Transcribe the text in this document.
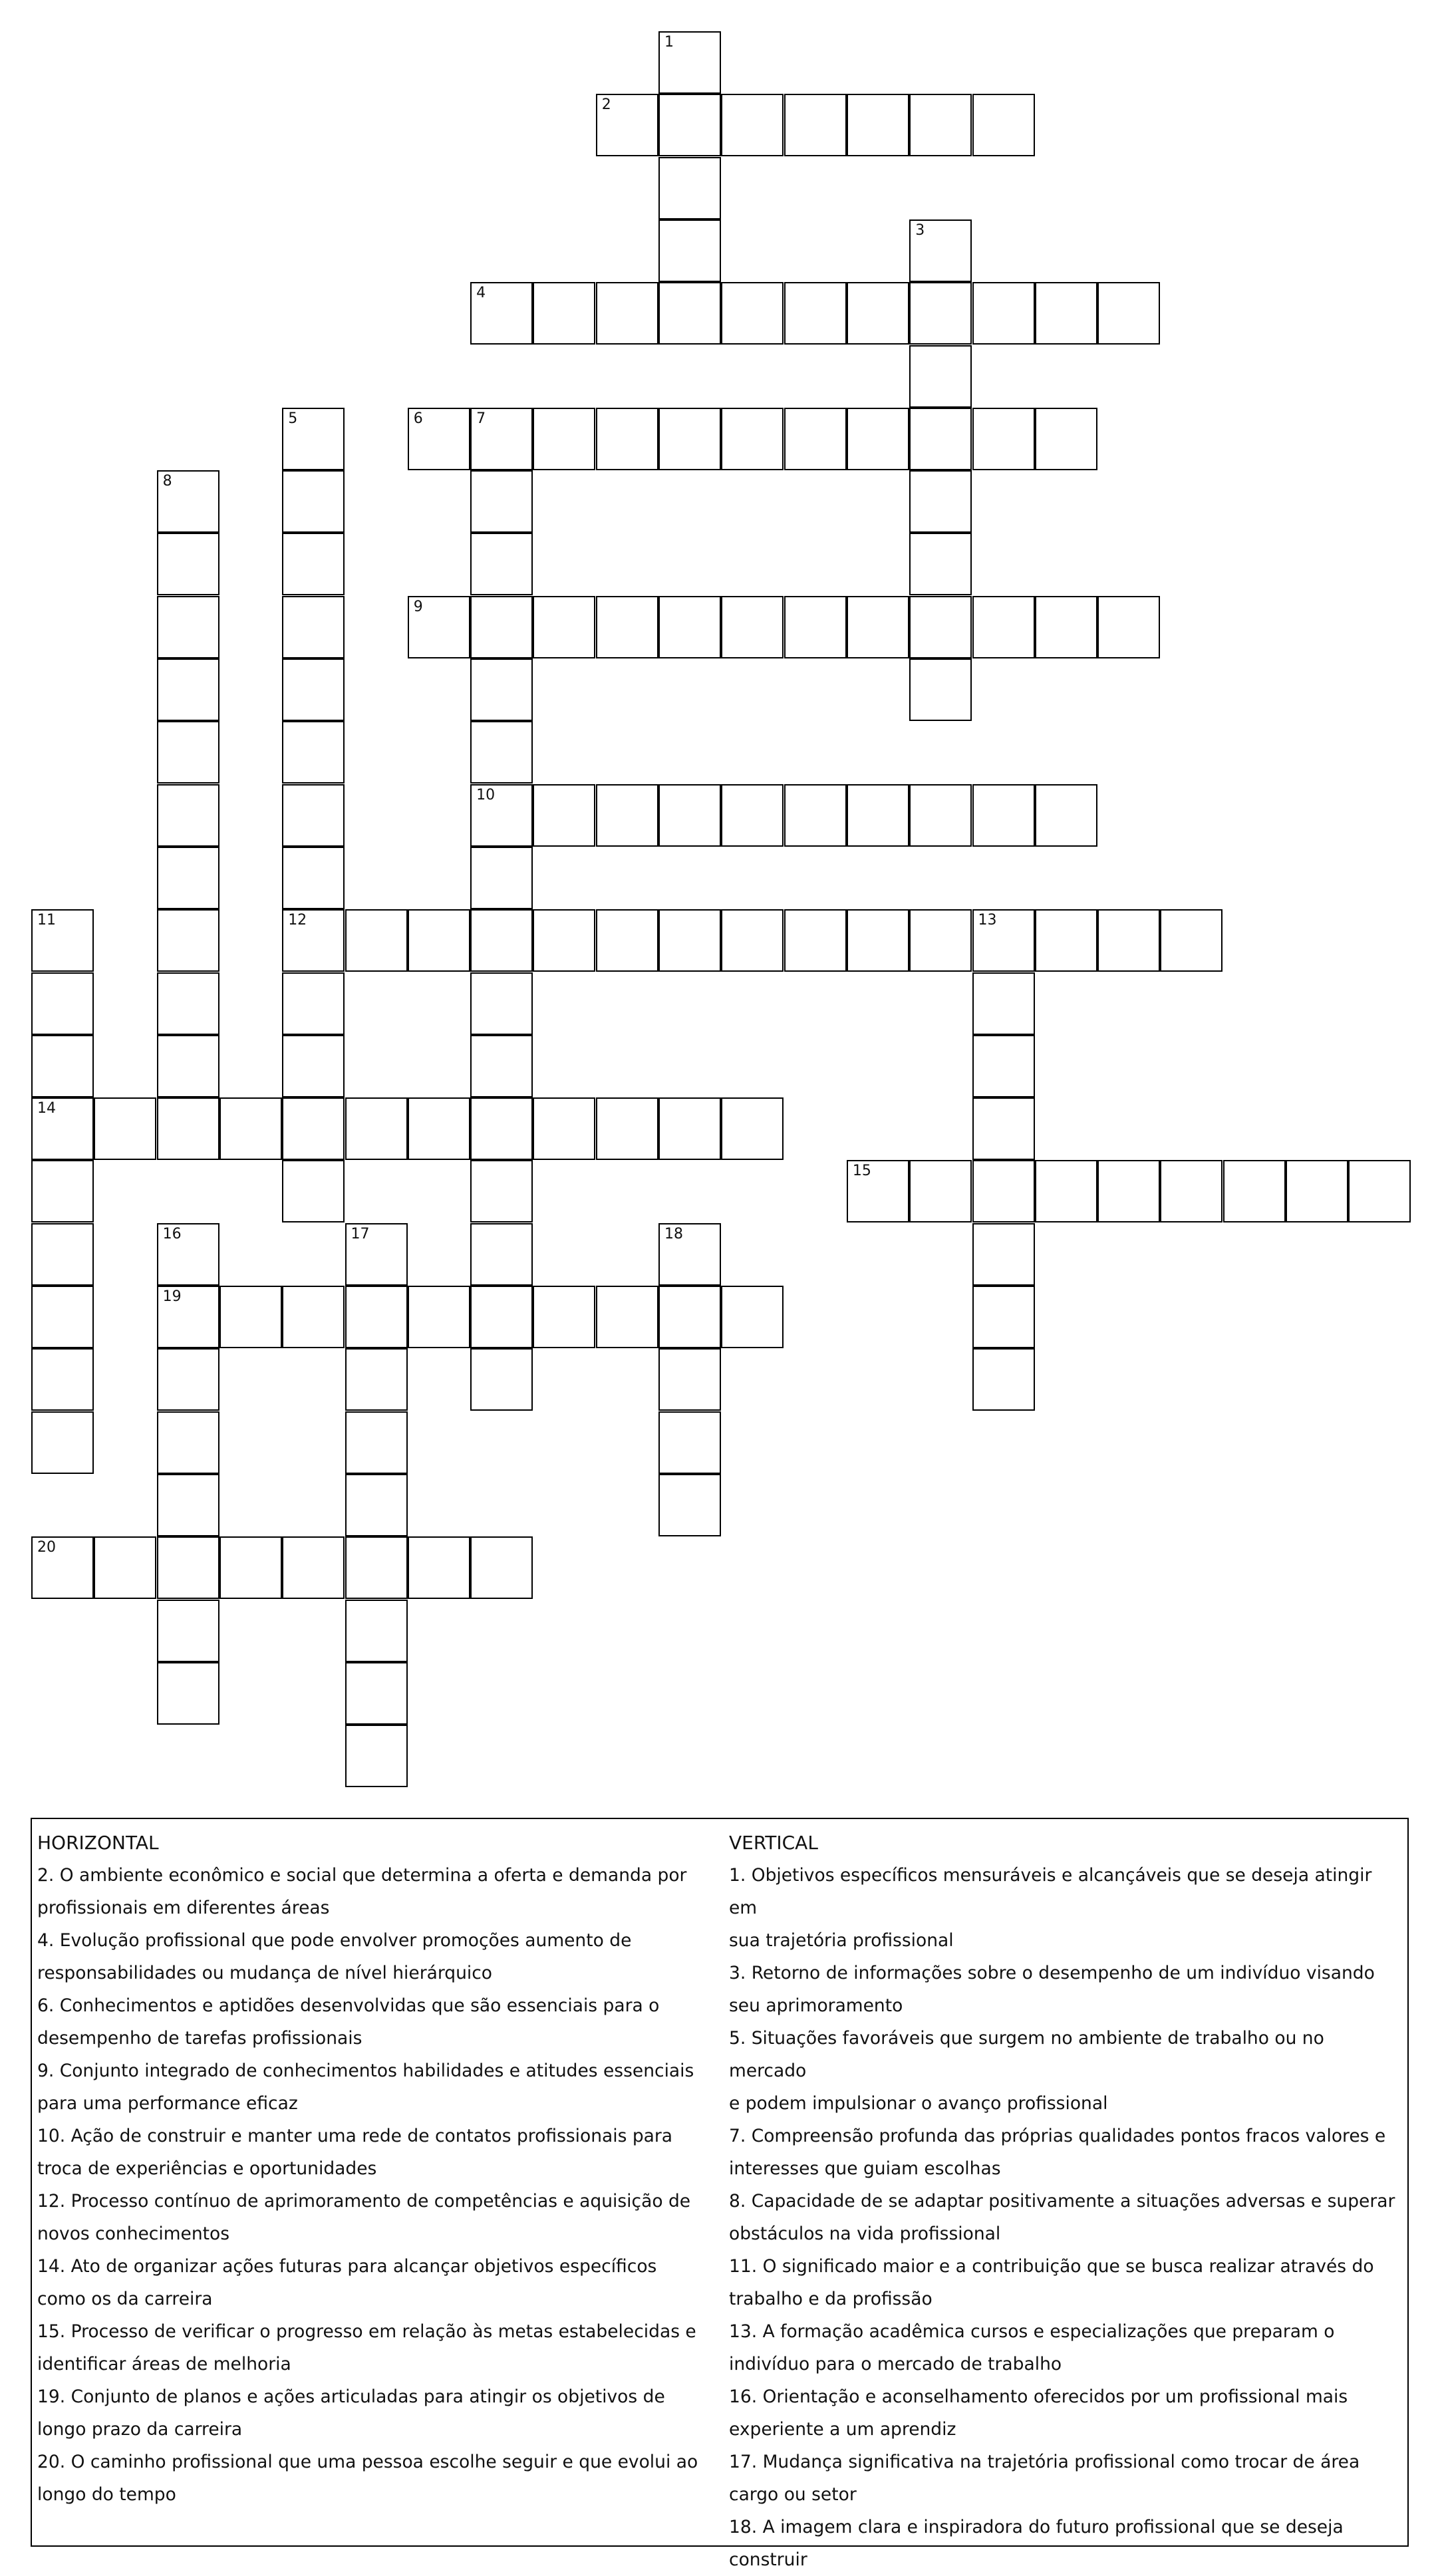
1
2
3
4
5
12
6	7
10
8
9
11
14
13
15
16
19
17	18
20
HORIZONTAL
2. O ambiente econômico e social que determina a oferta e demanda por
profissionais em diferentes áreas
4. Evolução profissional que pode envolver promoções aumento de
responsabilidades ou mudança de nível hierárquico
6. Conhecimentos e aptidões desenvolvidas que são essenciais para o
desempenho de tarefas profissionais
9. Conjunto integrado de conhecimentos habilidades e atitudes essenciais
para uma performance eficaz
10. Ação de construir e manter uma rede de contatos profissionais para
troca de experiências e oportunidades
12. Processo contínuo de aprimoramento de competências e aquisição de
novos conhecimentos
14. Ato de organizar ações futuras para alcançar objetivos específicos
como os da carreira
15. Processo de verificar o progresso em relação às metas estabelecidas e
identificar áreas de melhoria
19. Conjunto de planos e ações articuladas para atingir os objetivos de
longo prazo da carreira
20. O caminho profissional que uma pessoa escolhe seguir e que evolui ao
longo do tempo
VERTICAL
1. Objetivos específicos mensuráveis e alcançáveis que se deseja atingir em
sua trajetória profissional
3. Retorno de informações sobre o desempenho de um indivíduo visando
seu aprimoramento
5. Situações favoráveis que surgem no ambiente de trabalho ou no mercado
e podem impulsionar o avanço profissional
7. Compreensão profunda das próprias qualidades pontos fracos valores e
interesses que guiam escolhas
8. Capacidade de se adaptar positivamente a situações adversas e superar
obstáculos na vida profissional
11. O significado maior e a contribuição que se busca realizar através do
trabalho e da profissão
13. A formação acadêmica cursos e especializações que preparam o
indivíduo para o mercado de trabalho
16. Orientação e aconselhamento oferecidos por um profissional mais
experiente a um aprendiz
17. Mudança significativa na trajetória profissional como trocar de área
cargo ou setor
18. A imagem clara e inspiradora do futuro profissional que se deseja
construir
